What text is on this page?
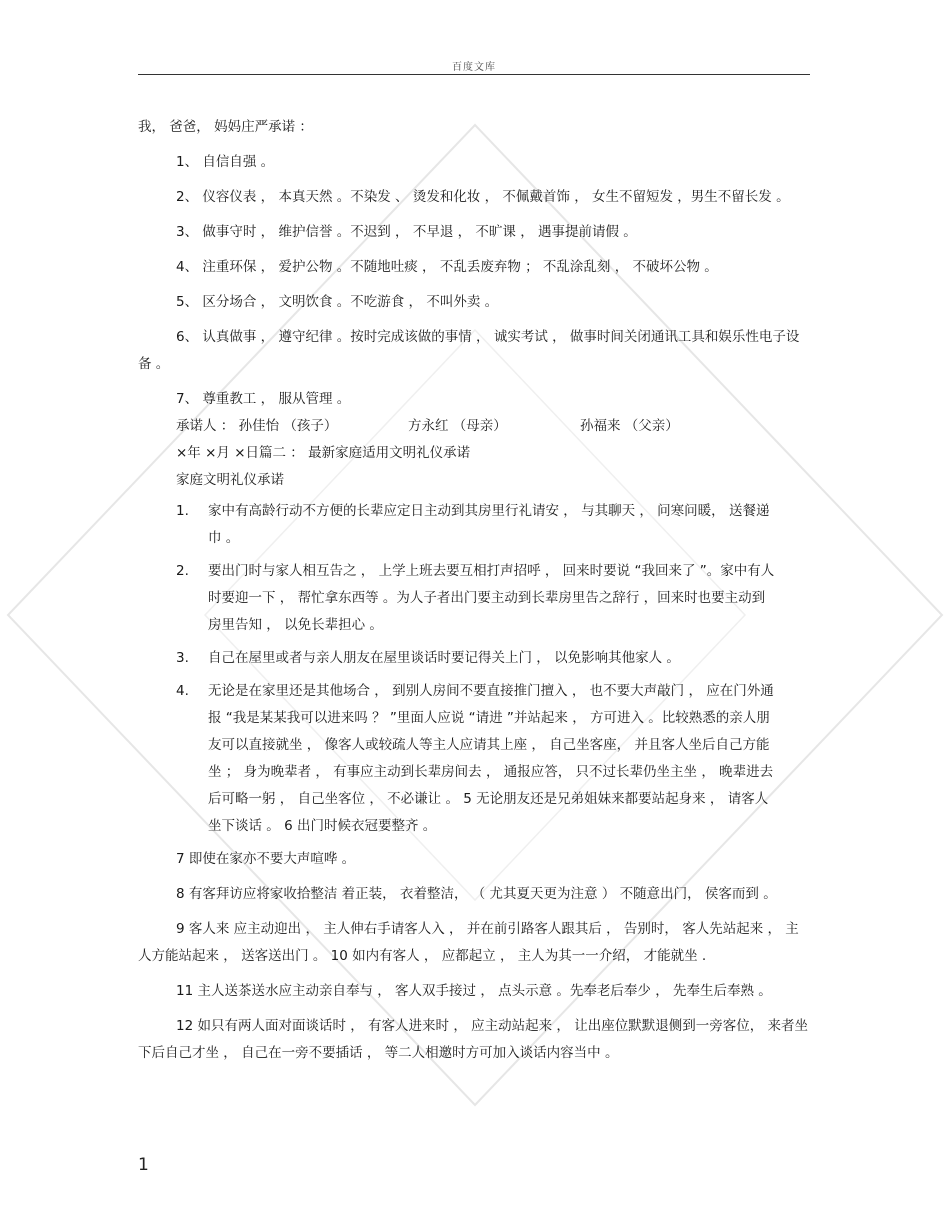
百度文库

我， 爸爸， 妈妈庄严承诺 ：

1、 自信自强 。

2、 仪容仪表 ， 本真天然 。不染发 、 烫发和化妆 ， 不佩戴首饰 ， 女生不留短发 ，男生不留长发 。

3、 做事守时 ， 维护信誉 。不迟到 ， 不早退 ， 不旷课 ， 遇事提前请假 。

4、 注重环保 ， 爱护公物 。不随地吐痰 ， 不乱丢废弃物 ； 不乱涂乱刻 ， 不破坏公物 。

5、 区分场合 ， 文明饮食 。不吃游食 ， 不叫外卖 。

6、 认真做事 ， 遵守纪律 。按时完成该做的事情 ， 诚实考试 ， 做事时间关闭通讯工具和娱乐性电子设备 。

7、 尊重教工 ， 服从管理 。

承诺人 ： 孙佳怡 （孩子）	方永红 （母亲）	孙福来 （父亲）

×年 ×月 ×日篇二 ： 最新家庭适用文明礼仪承诺

家庭文明礼仪承诺

1.	家中有高龄行动不方便的长辈应定日主动到其房里行礼请安 ， 与其聊天 ， 问寒问暖， 送餐递巾 。
2.	要出门时与家人相互告之 ， 上学上班去要互相打声招呼 ， 回来时要说 “我回来了 ”。家中有人时要迎一下 ， 帮忙拿东西等 。为人子者出门要主动到长辈房里告之辞行 ，回来时也要主动到房里告知 ， 以免长辈担心 。
3.	自己在屋里或者与亲人朋友在屋里谈话时要记得关上门 ， 以免影响其他家人 。
4.	无论是在家里还是其他场合 ， 到别人房间不要直接推门擅入 ， 也不要大声敲门 ， 应在门外通报 “我是某某我可以进来吗 ？ ”里面人应说 “请进 ”并站起来 ， 方可进入 。比较熟悉的亲人朋友可以直接就坐 ， 像客人或较疏人等主人应请其上座 ， 自己坐客座， 并且客人坐后自己方能坐 ； 身为晚辈者 ， 有事应主动到长辈房间去 ， 通报应答， 只不过长辈仍坐主坐 ， 晚辈进去后可略一躬 ， 自己坐客位 ， 不必谦让 。 5 无论朋友还是兄弟姐妹来都要站起身来 ， 请客人坐下谈话 。 6 出门时候衣冠要整齐 。

7 即使在家亦不要大声喧哗 。

8 有客拜访应将家收拾整洁 着正装， 衣着整洁， （ 尤其夏天更为注意 ） 不随意出门， 侯客而到 。

9 客人来 应主动迎出 ， 主人伸右手请客人入 ， 并在前引路客人跟其后 ， 告别时， 客人先站起来 ， 主人方能站起来 ， 送客送出门 。 10 如内有客人 ， 应都起立 ， 主人为其一一介绍， 才能就坐 .

11 主人送茶送水应主动亲自奉与 ， 客人双手接过 ， 点头示意 。先奉老后奉少 ， 先奉生后奉熟 。

12 如只有两人面对面谈话时 ， 有客人进来时 ， 应主动站起来 ， 让出座位默默退侧到一旁客位， 来者坐下后自己才坐 ， 自己在一旁不要插话 ， 等二人相邀时方可加入谈话内容当中 。

1
